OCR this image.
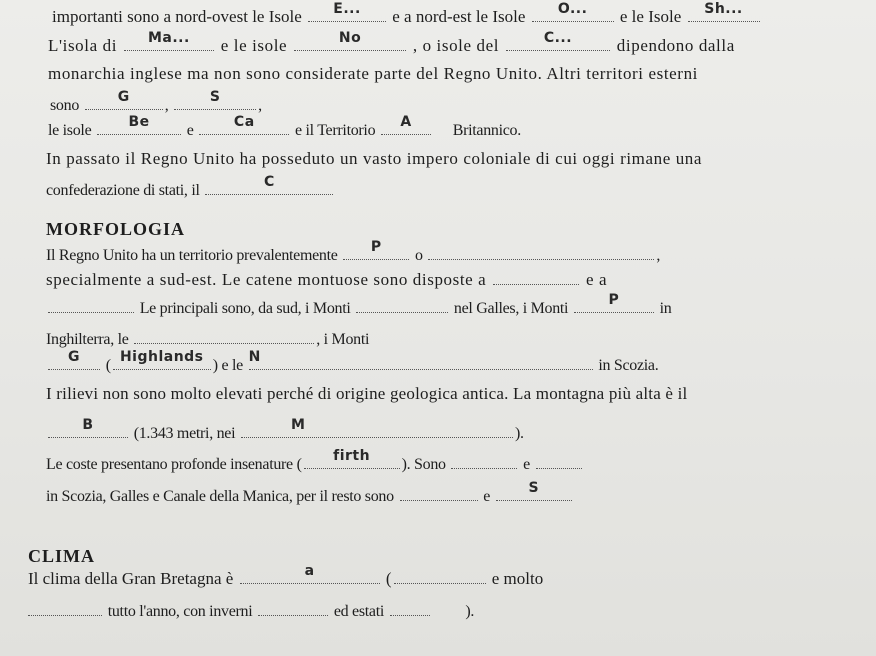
importanti sono a nord-ovest le Isole	E...	e a nord-est le Isole	O...	e le Isole	Sh...
L'isola di	Ma...	e le isole	No	, o isole del	C...	dipendono dalla
monarchia inglese ma non sono considerate parte del Regno Unito. Altri territori esterni
sono	G	,	S	,
le isole	Be	e	Ca	e il Territorio	A	Britannico.
In passato il Regno Unito ha posseduto un vasto impero coloniale di cui oggi rimane una
confederazione di stati, il	C
MORFOLOGIA
Il Regno Unito ha un territorio prevalentemente	P	o	,
specialmente a sud-est. Le catene montuose sono disposte a	e a
Le principali sono, da sud, i Monti	nel Galles, i Monti	P	in
Inghilterra, le	, i Monti
G	( Highlands ) e le N	in Scozia.
I rilievi non sono molto elevati perché di origine geologica antica. La montagna più alta è il
B	(1.343 metri, nei	M	).
Le coste presentano profonde insenature (	firth	). Sono	e
in Scozia, Galles e Canale della Manica, per il resto sono	e	S
CLIMA
Il clima della Gran Bretagna è	a	(	e molto
tutto l'anno, con inverni	ed estati	).
